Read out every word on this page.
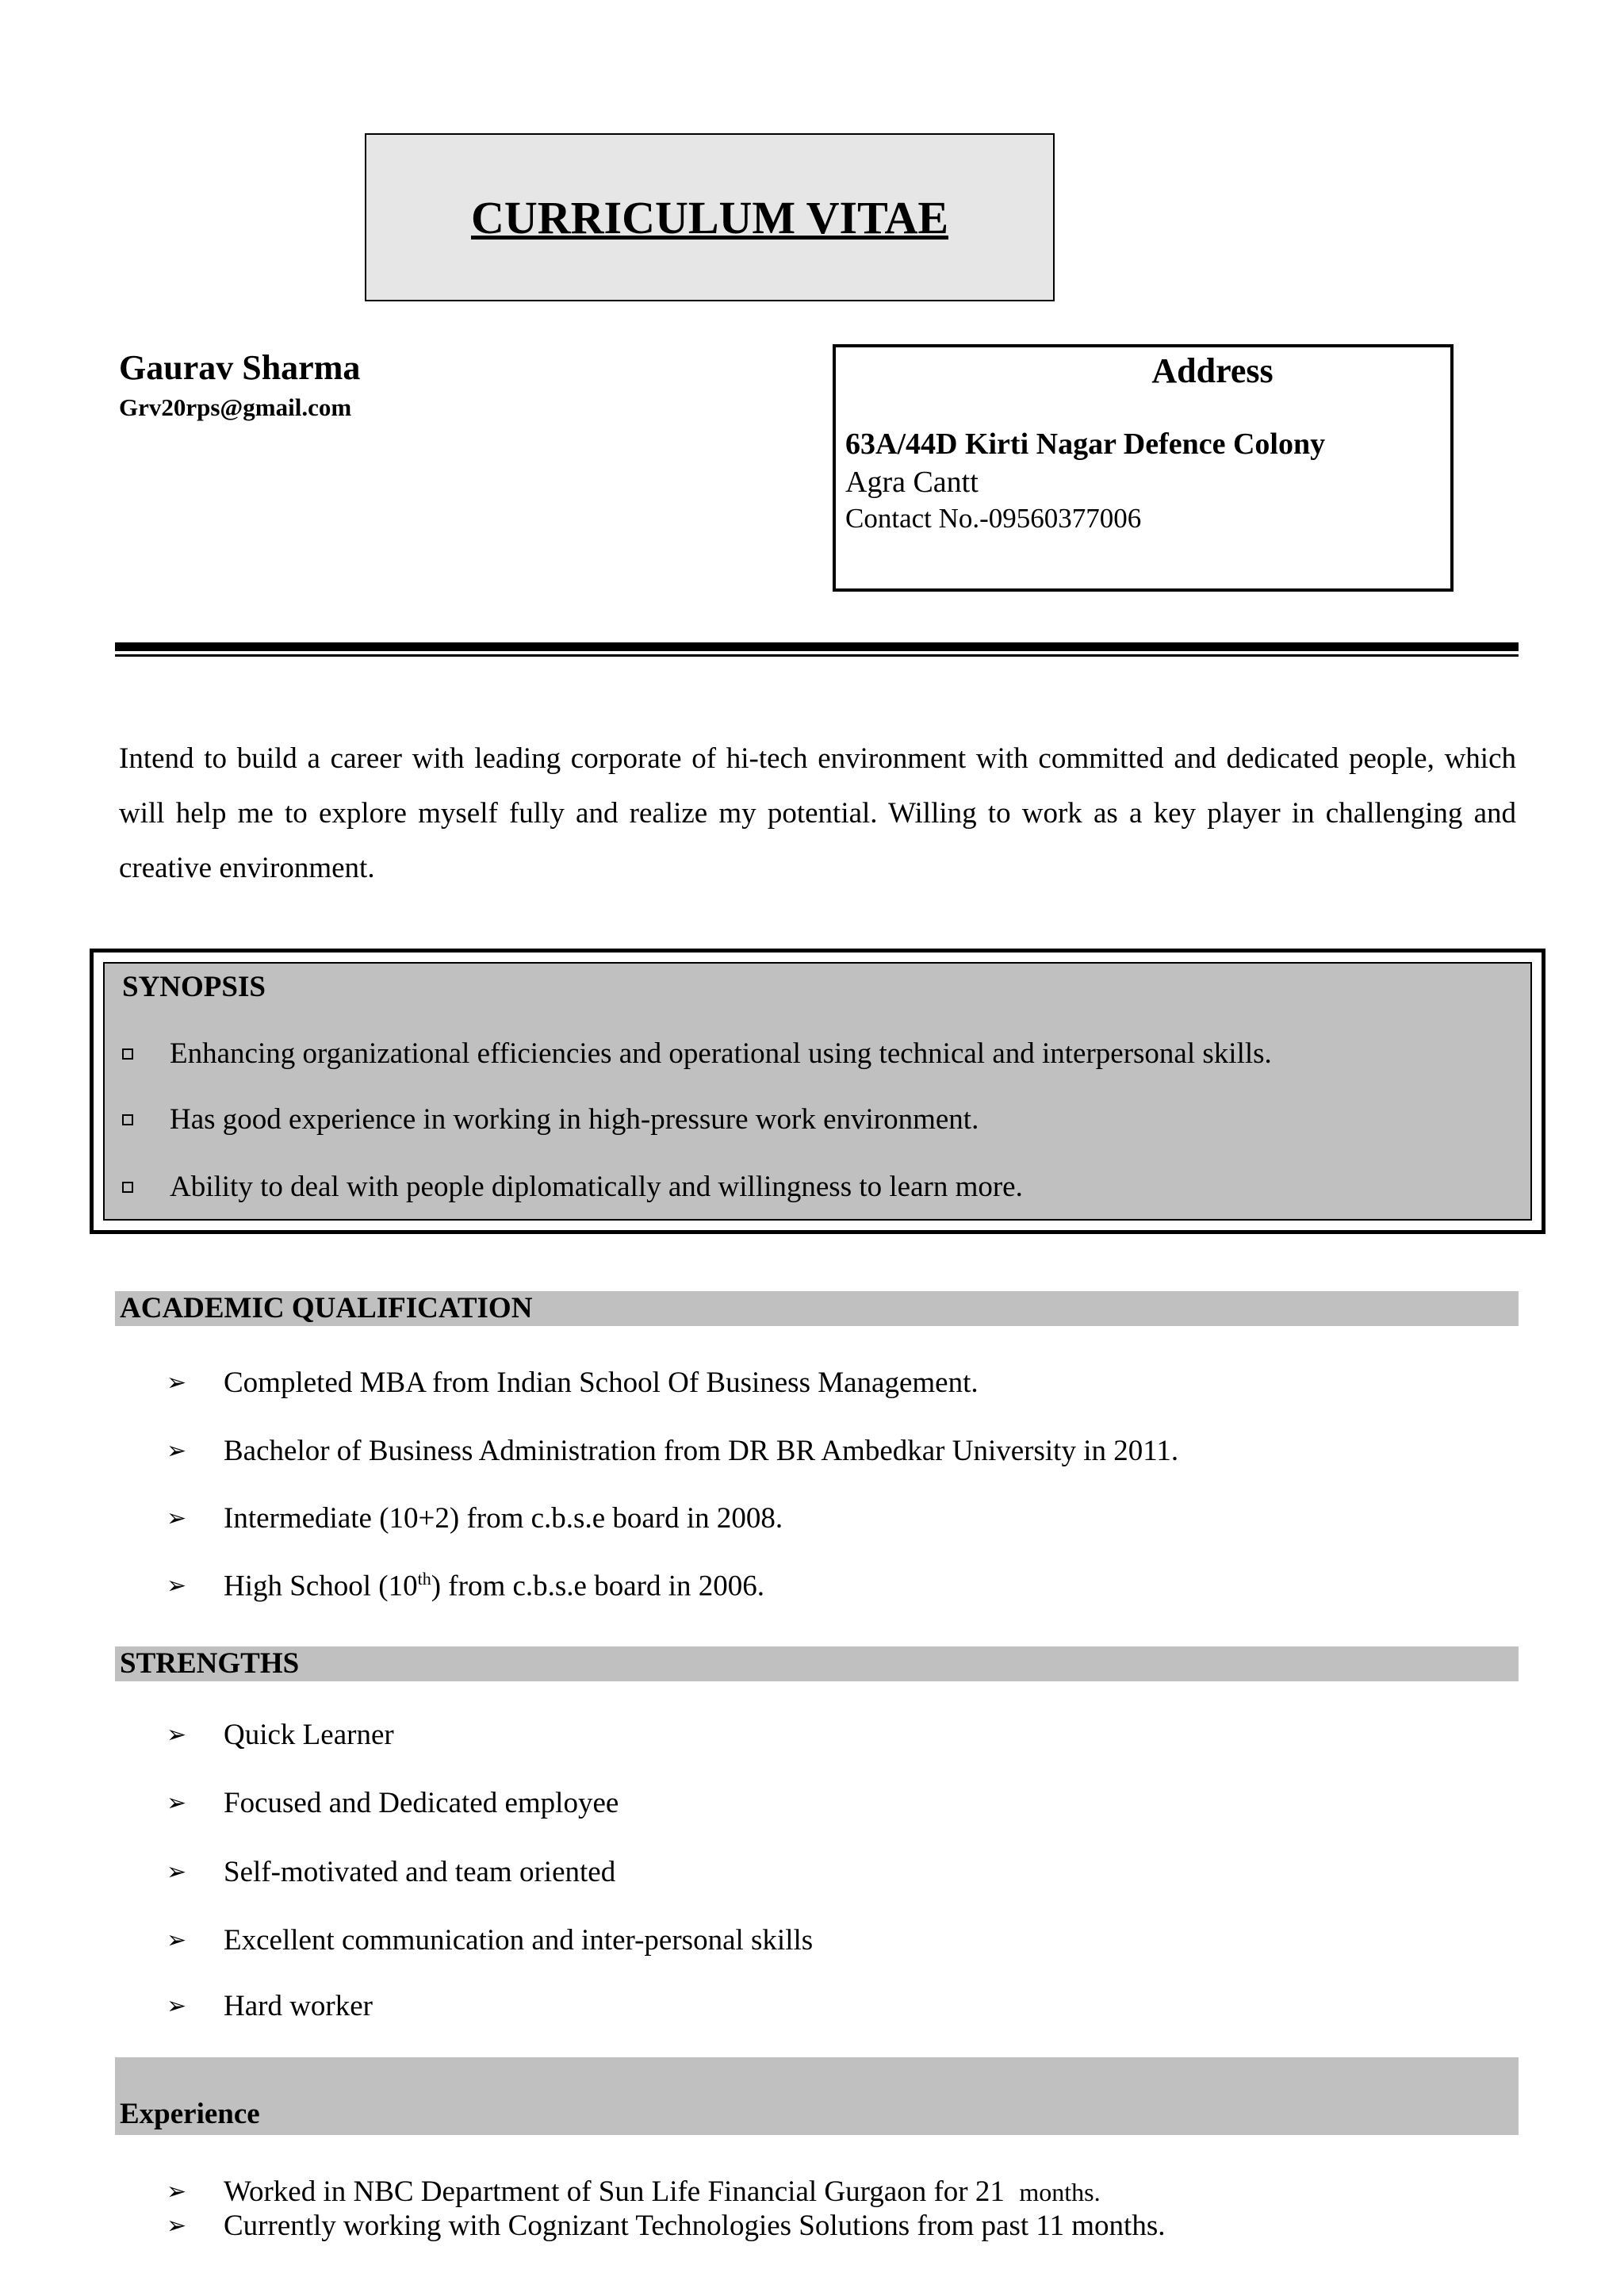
CURRICULUM VITAE
Gaurav Sharma
Grv20rps@gmail.com
Address
63A/44D Kirti Nagar Defence Colony
Agra Cantt
Contact No.-09560377006
Intend to build a career with leading corporate of hi-tech environment with committed and dedicated people, which will help me to explore myself fully and realize my potential. Willing to work as a key player in challenging and creative environment.
SYNOPSIS
Enhancing organizational efficiencies and operational using technical and interpersonal skills.
Has good experience in working in high-pressure work environment.
Ability to deal with people diplomatically and willingness to learn more.
ACADEMIC QUALIFICATION
➢ Completed MBA from Indian School Of Business Management.
➢ Bachelor of Business Administration from DR BR Ambedkar University in 2011.
➢ Intermediate (10+2) from c.b.s.e board in 2008.
➢ High School (10th) from c.b.s.e board in 2006.
STRENGTHS
➢ Quick Learner
➢ Focused and Dedicated employee
➢ Self-motivated and team oriented
➢ Excellent communication and inter-personal skills
➢ Hard worker
Experience
➢ Worked in NBC Department of Sun Life Financial Gurgaon for 21 months.
➢ Currently working with Cognizant Technologies Solutions from past 11 months.
